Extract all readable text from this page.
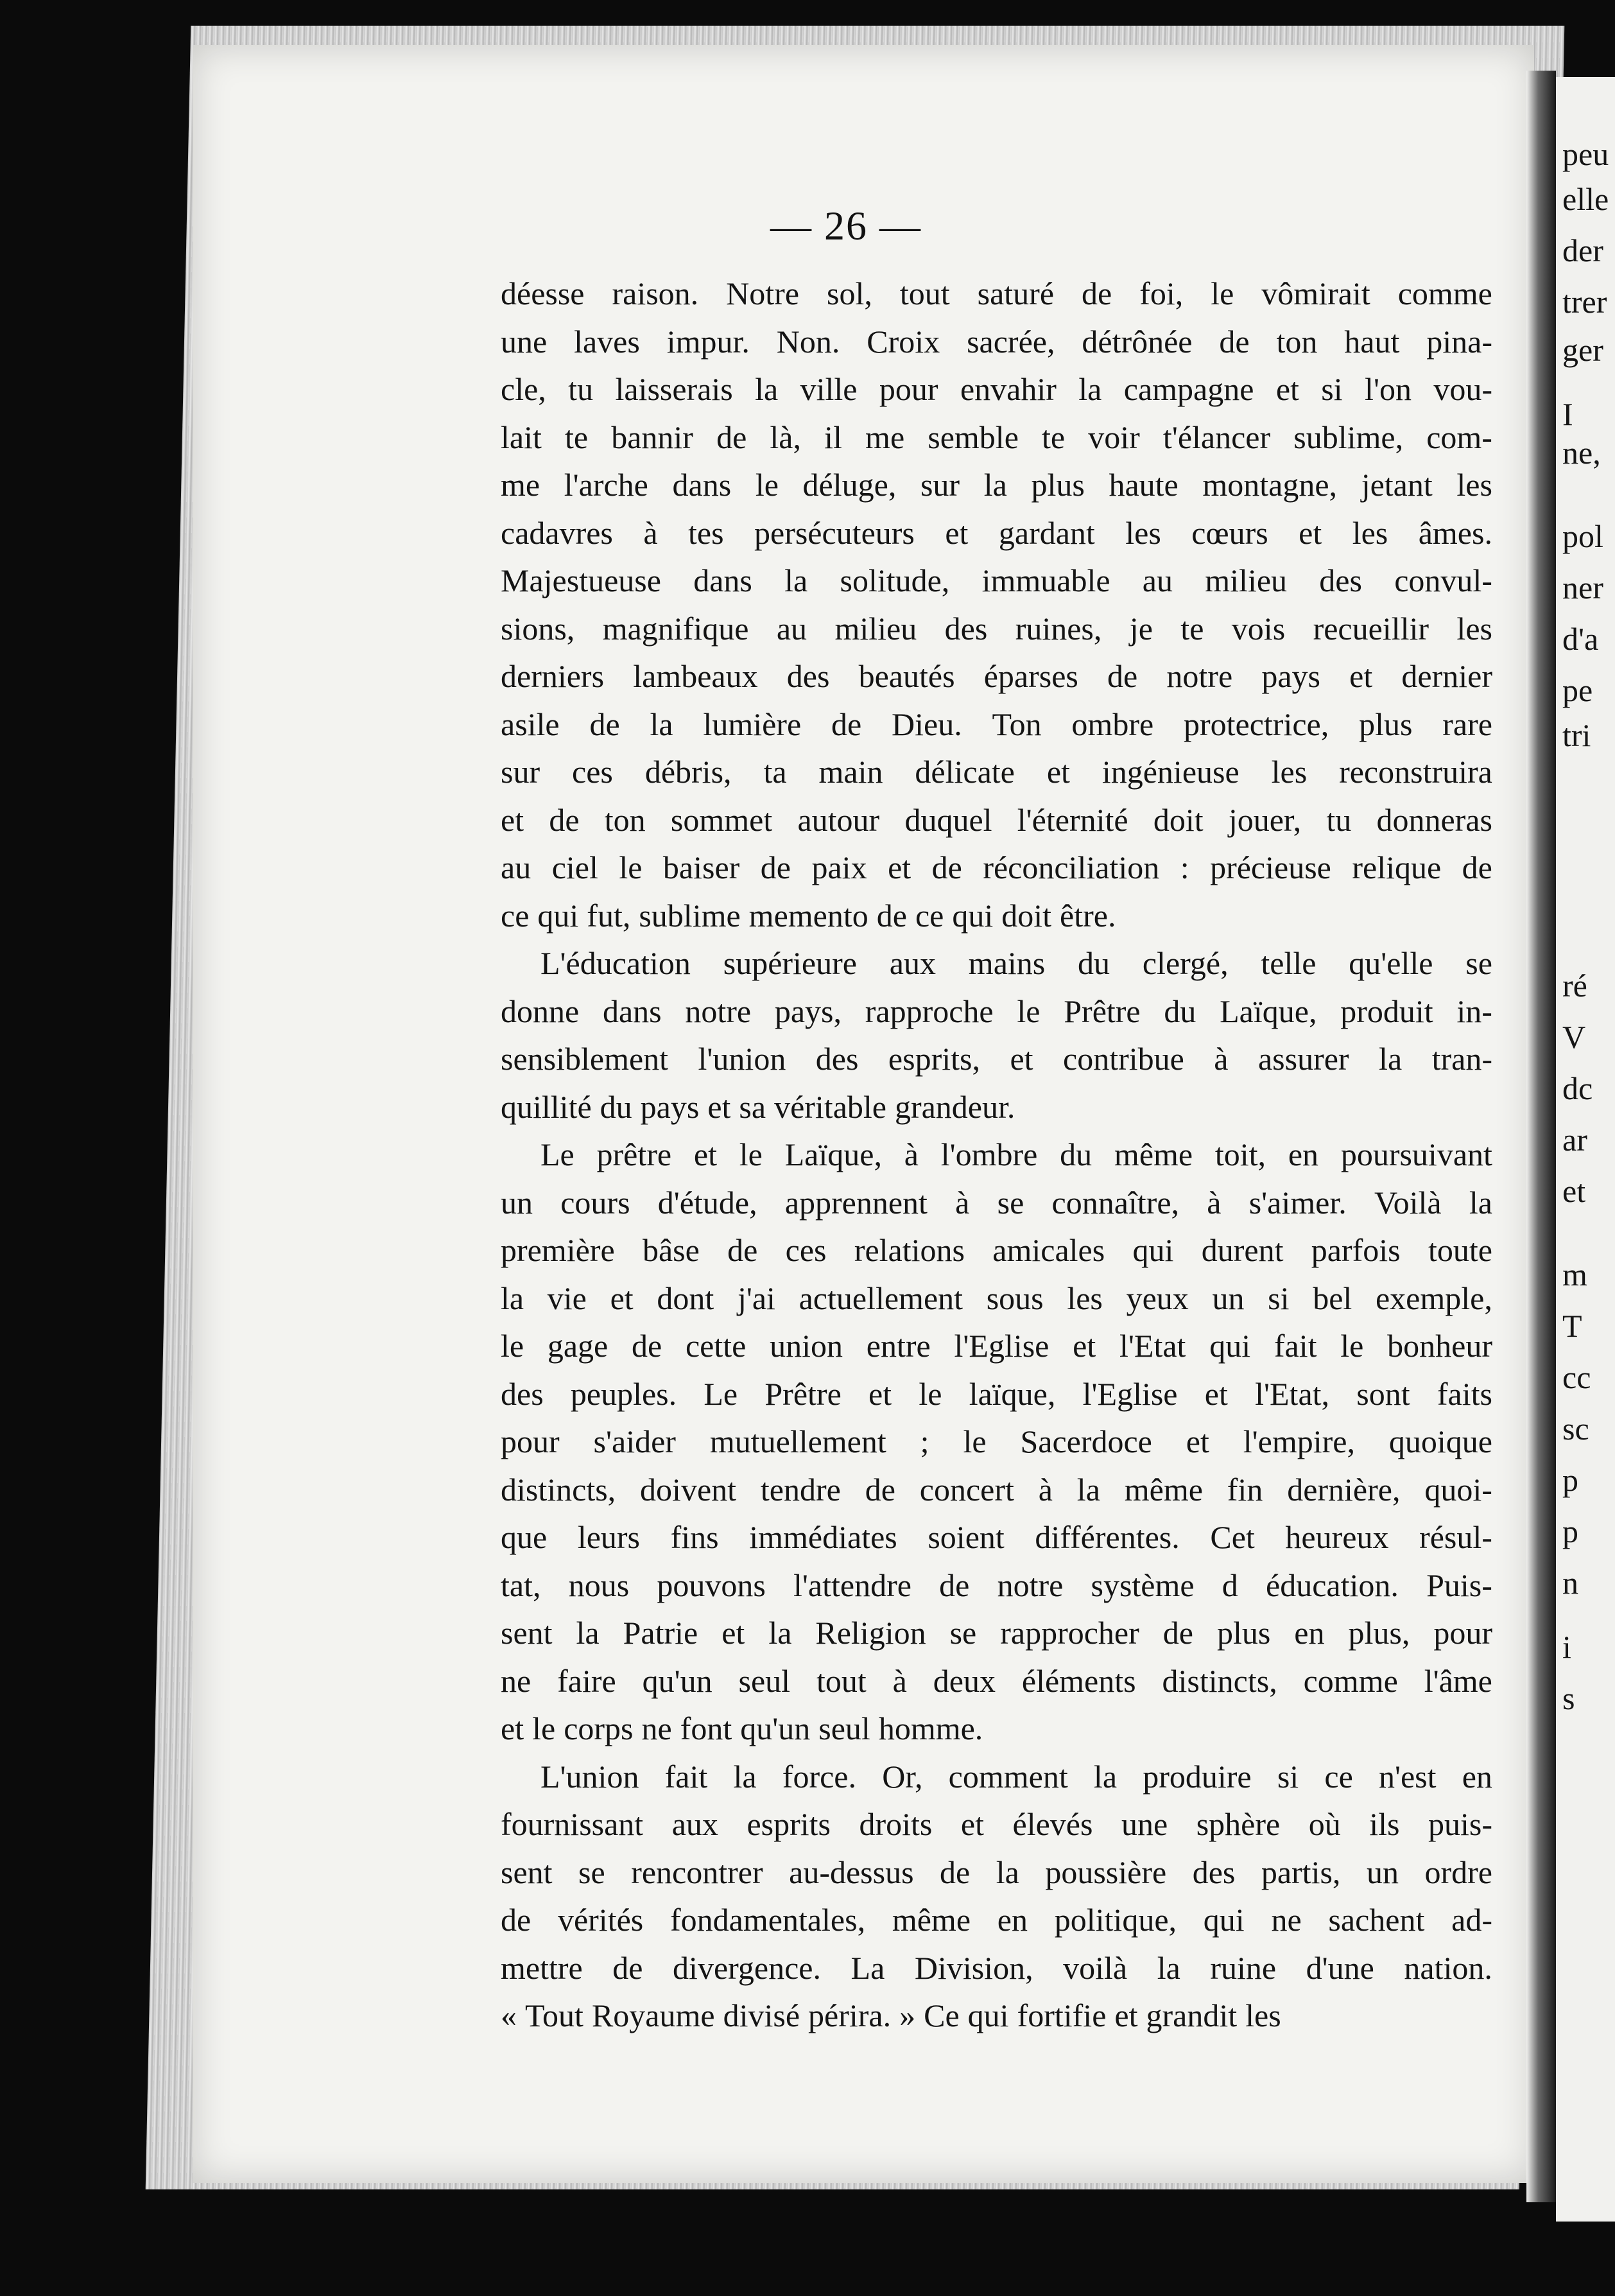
peu
elle
der
trer
ger
I
ne,
pol
ner
d'a
pe
tri
ré
V
dc
ar
et
m
T
cc
sc
p
p
n
i
s
— 26 —
déesse raison. Notre sol, tout saturé de foi, le vômirait comme
une laves impur. Non. Croix sacrée, détrônée de ton haut pina-
cle, tu laisserais la ville pour envahir la campagne et si l'on vou-
lait te bannir de là, il me semble te voir t'élancer sublime, com-
me l'arche dans le déluge, sur la plus haute montagne, jetant les
cadavres à tes persécuteurs et gardant les cœurs et les âmes.
Majestueuse dans la solitude, immuable au milieu des convul-
sions, magnifique au milieu des ruines, je te vois recueillir les
derniers lambeaux des beautés éparses de notre pays et dernier
asile de la lumière de Dieu. Ton ombre protectrice, plus rare
sur ces débris, ta main délicate et ingénieuse les reconstruira
et de ton sommet autour duquel l'éternité doit jouer, tu donneras
au ciel le baiser de paix et de réconciliation : précieuse relique de
ce qui fut, sublime memento de ce qui doit être.
L'éducation supérieure aux mains du clergé, telle qu'elle se
donne dans notre pays, rapproche le Prêtre du Laïque, produit in-
sensiblement l'union des esprits, et contribue à assurer la tran-
quillité du pays et sa véritable grandeur.
Le prêtre et le Laïque, à l'ombre du même toit, en poursuivant
un cours d'étude, apprennent à se connaître, à s'aimer. Voilà la
première bâse de ces relations amicales qui durent parfois toute
la vie et dont j'ai actuellement sous les yeux un si bel exemple,
le gage de cette union entre l'Eglise et l'Etat qui fait le bonheur
des peuples. Le Prêtre et le laïque, l'Eglise et l'Etat, sont faits
pour s'aider mutuellement ; le Sacerdoce et l'empire, quoique
distincts, doivent tendre de concert à la même fin dernière, quoi-
que leurs fins immédiates soient différentes. Cet heureux résul-
tat, nous pouvons l'attendre de notre système d éducation. Puis-
sent la Patrie et la Religion se rapprocher de plus en plus, pour
ne faire qu'un seul tout à deux éléments distincts, comme l'âme
et le corps ne font qu'un seul homme.
L'union fait la force. Or, comment la produire si ce n'est en
fournissant aux esprits droits et élevés une sphère où ils puis-
sent se rencontrer au-dessus de la poussière des partis, un ordre
de vérités fondamentales, même en politique, qui ne sachent ad-
mettre de divergence. La Division, voilà la ruine d'une nation.
« Tout Royaume divisé périra. » Ce qui fortifie et grandit les
